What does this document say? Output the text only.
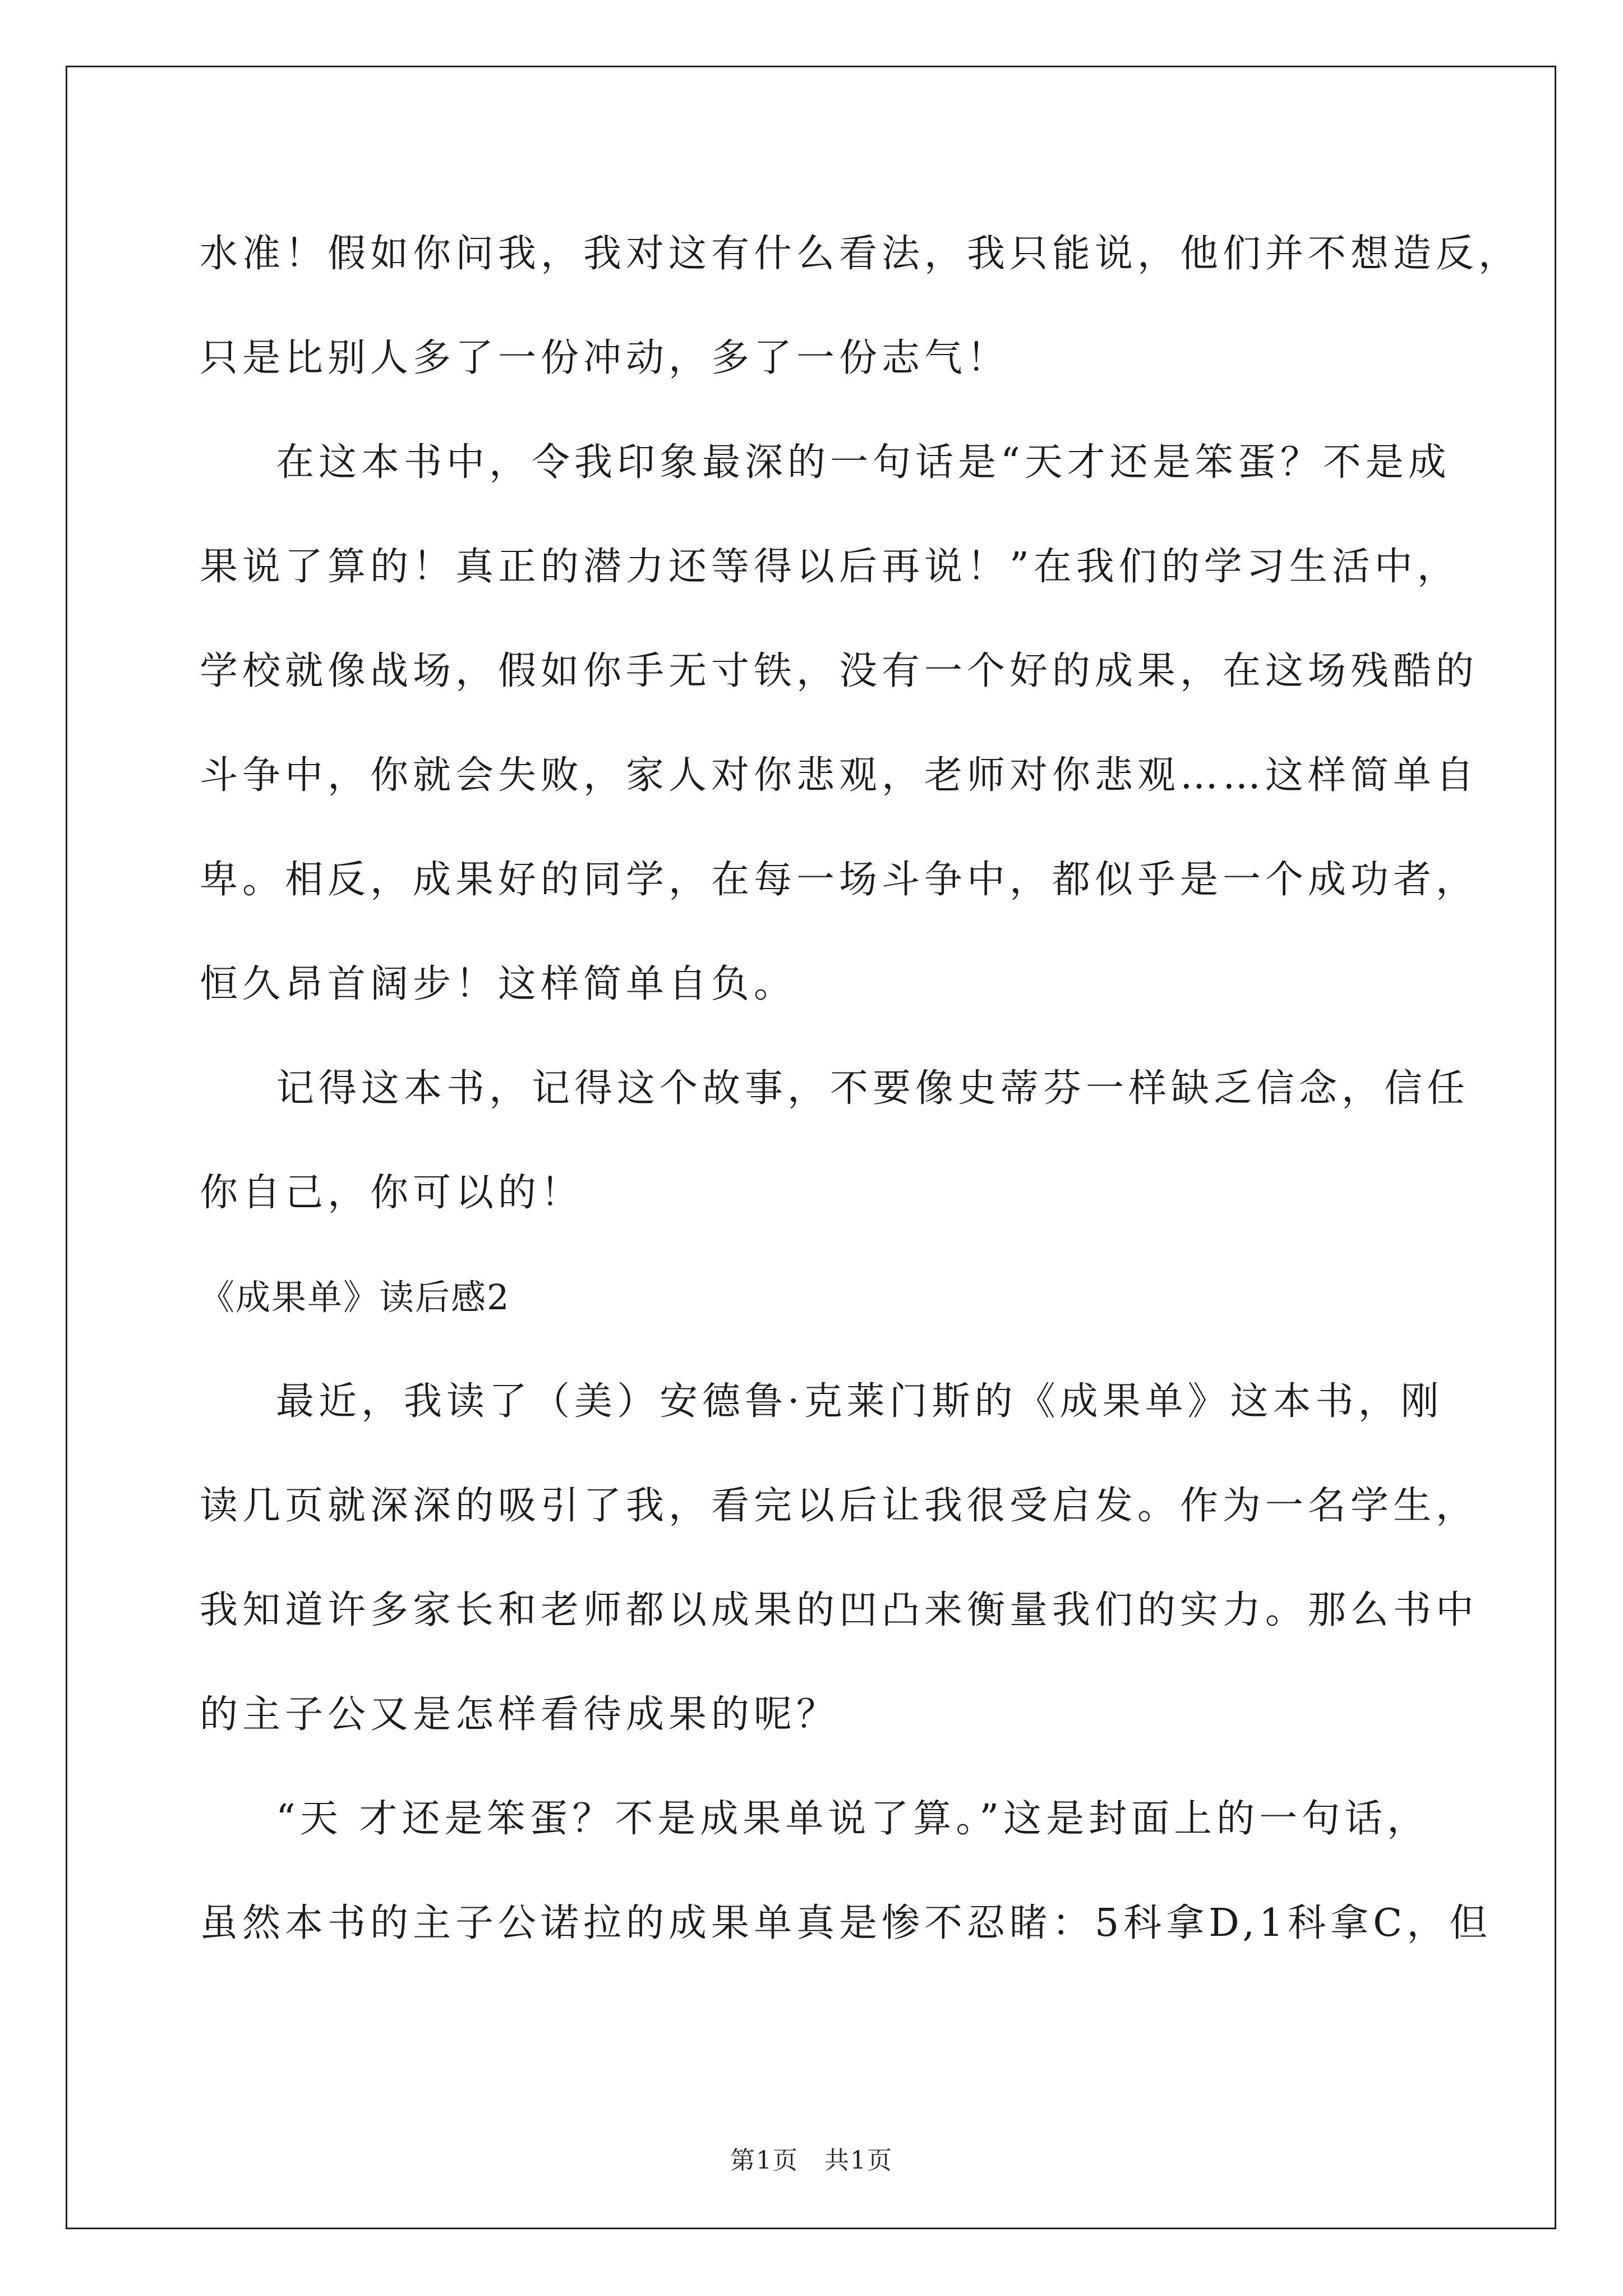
水准！假如你问我，我对这有什么看法，我只能说，他们并不想造反，
只是比别人多了一份冲动，多了一份志气！
在这本书中，令我印象最深的一句话是“天才还是笨蛋？不是成
果说了算的！真正的潜力还等得以后再说！”在我们的学习生活中，
学校就像战场，假如你手无寸铁，没有一个好的成果，在这场残酷的
斗争中，你就会失败，家人对你悲观，老师对你悲观……这样简单自
卑。相反，成果好的同学，在每一场斗争中，都似乎是一个成功者，
恒久昂首阔步！这样简单自负。
记得这本书，记得这个故事，不要像史蒂芬一样缺乏信念，信任
你自己，你可以的！
《成果单》读后感2
最近，我读了（美）安德鲁·克莱门斯的《成果单》这本书，刚
读几页就深深的吸引了我，看完以后让我很受启发。作为一名学生，
我知道许多家长和老师都以成果的凹凸来衡量我们的实力。那么书中
的主子公又是怎样看待成果的呢？
“天 才还是笨蛋？不是成果单说了算。”这是封面上的一句话，
虽然本书的主子公诺拉的成果单真是惨不忍睹：5科拿D,1科拿C，但
第1页　共1页
